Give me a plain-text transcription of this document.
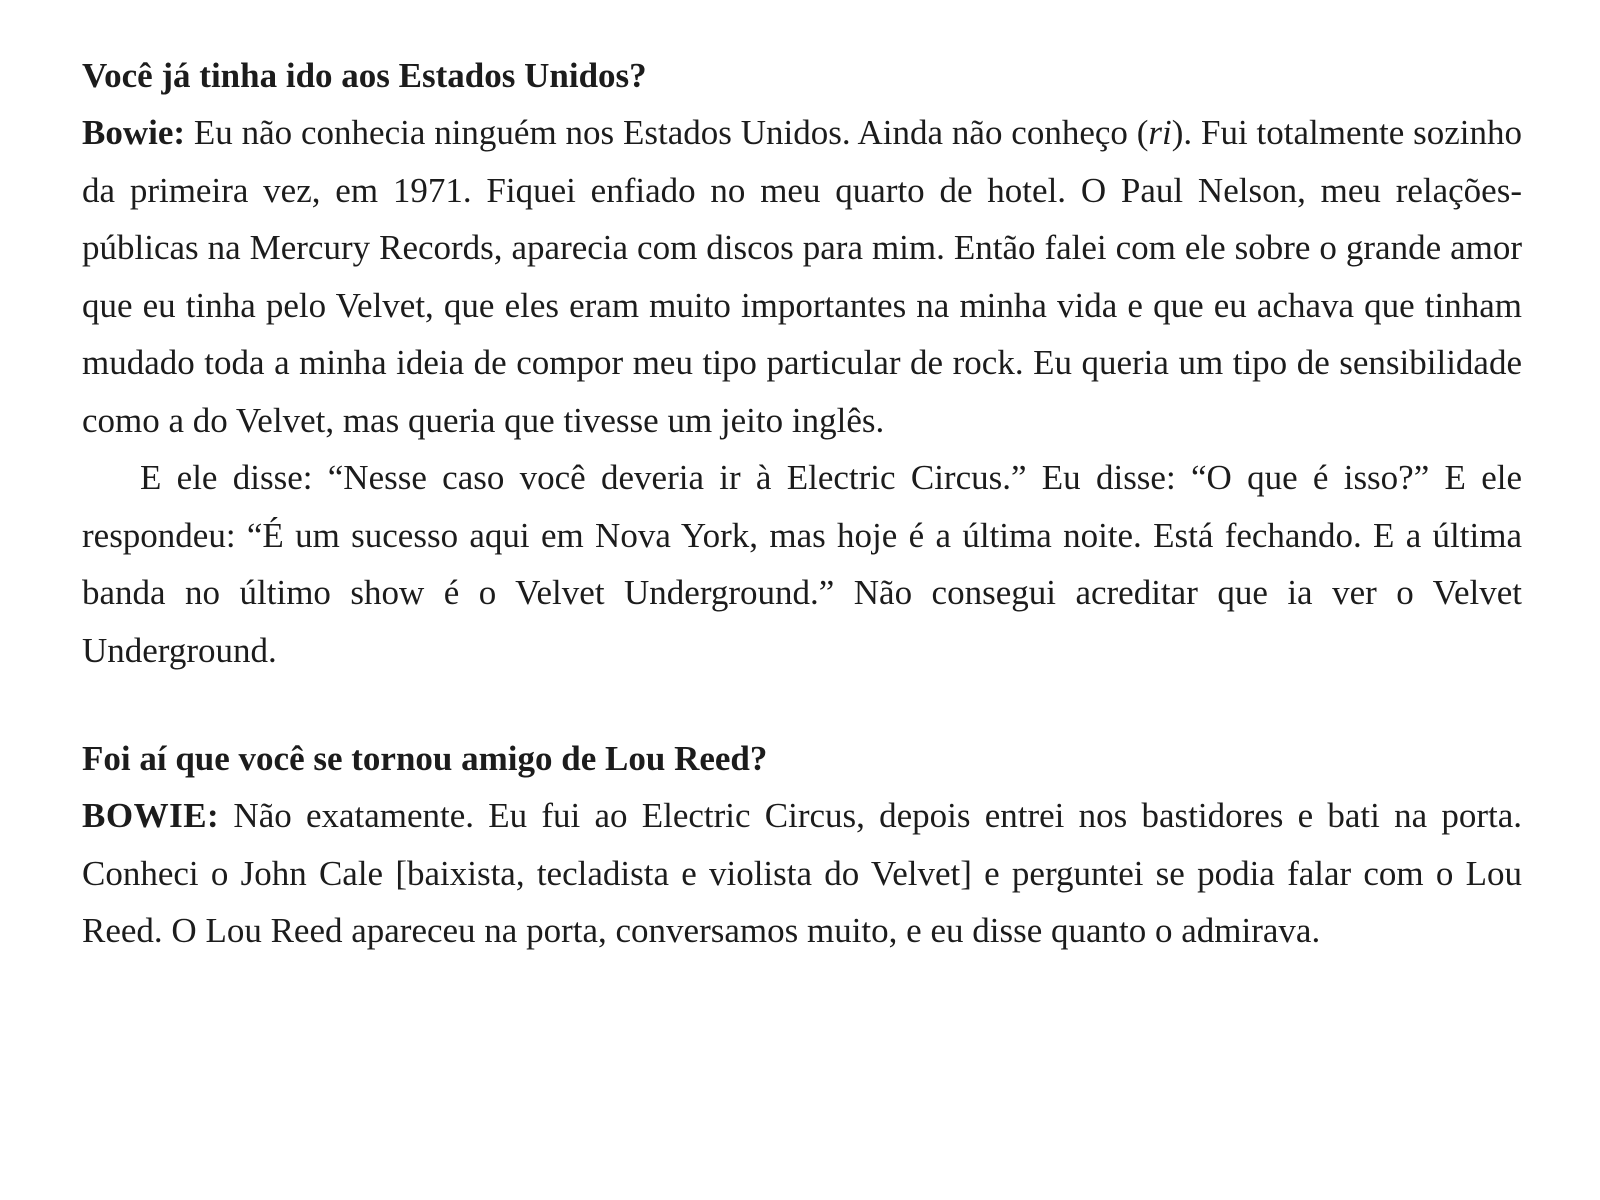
Você já tinha ido aos Estados Unidos?

Bowie: Eu não conhecia ninguém nos Estados Unidos. Ainda não conheço (ri). Fui totalmente sozinho da primeira vez, em 1971. Fiquei enfiado no meu quarto de hotel. O Paul Nelson, meu relações-públicas na Mercury Records, aparecia com discos para mim. Então falei com ele sobre o grande amor que eu tinha pelo Velvet, que eles eram muito importantes na minha vida e que eu achava que tinham mudado toda a minha ideia de compor meu tipo particular de rock. Eu queria um tipo de sensibilidade como a do Velvet, mas queria que tivesse um jeito inglês.

E ele disse: “Nesse caso você deveria ir à Electric Circus.” Eu disse: “O que é isso?” E ele respondeu: “É um sucesso aqui em Nova York, mas hoje é a última noite. Está fechando. E a última banda no último show é o Velvet Underground.” Não consegui acreditar que ia ver o Velvet Underground.

Foi aí que você se tornou amigo de Lou Reed?

BOWIE: Não exatamente. Eu fui ao Electric Circus, depois entrei nos bastidores e bati na porta. Conheci o John Cale [baixista, tecladista e violista do Velvet] e perguntei se podia falar com o Lou Reed. O Lou Reed apareceu na porta, conversamos muito, e eu disse quanto o admirava.
